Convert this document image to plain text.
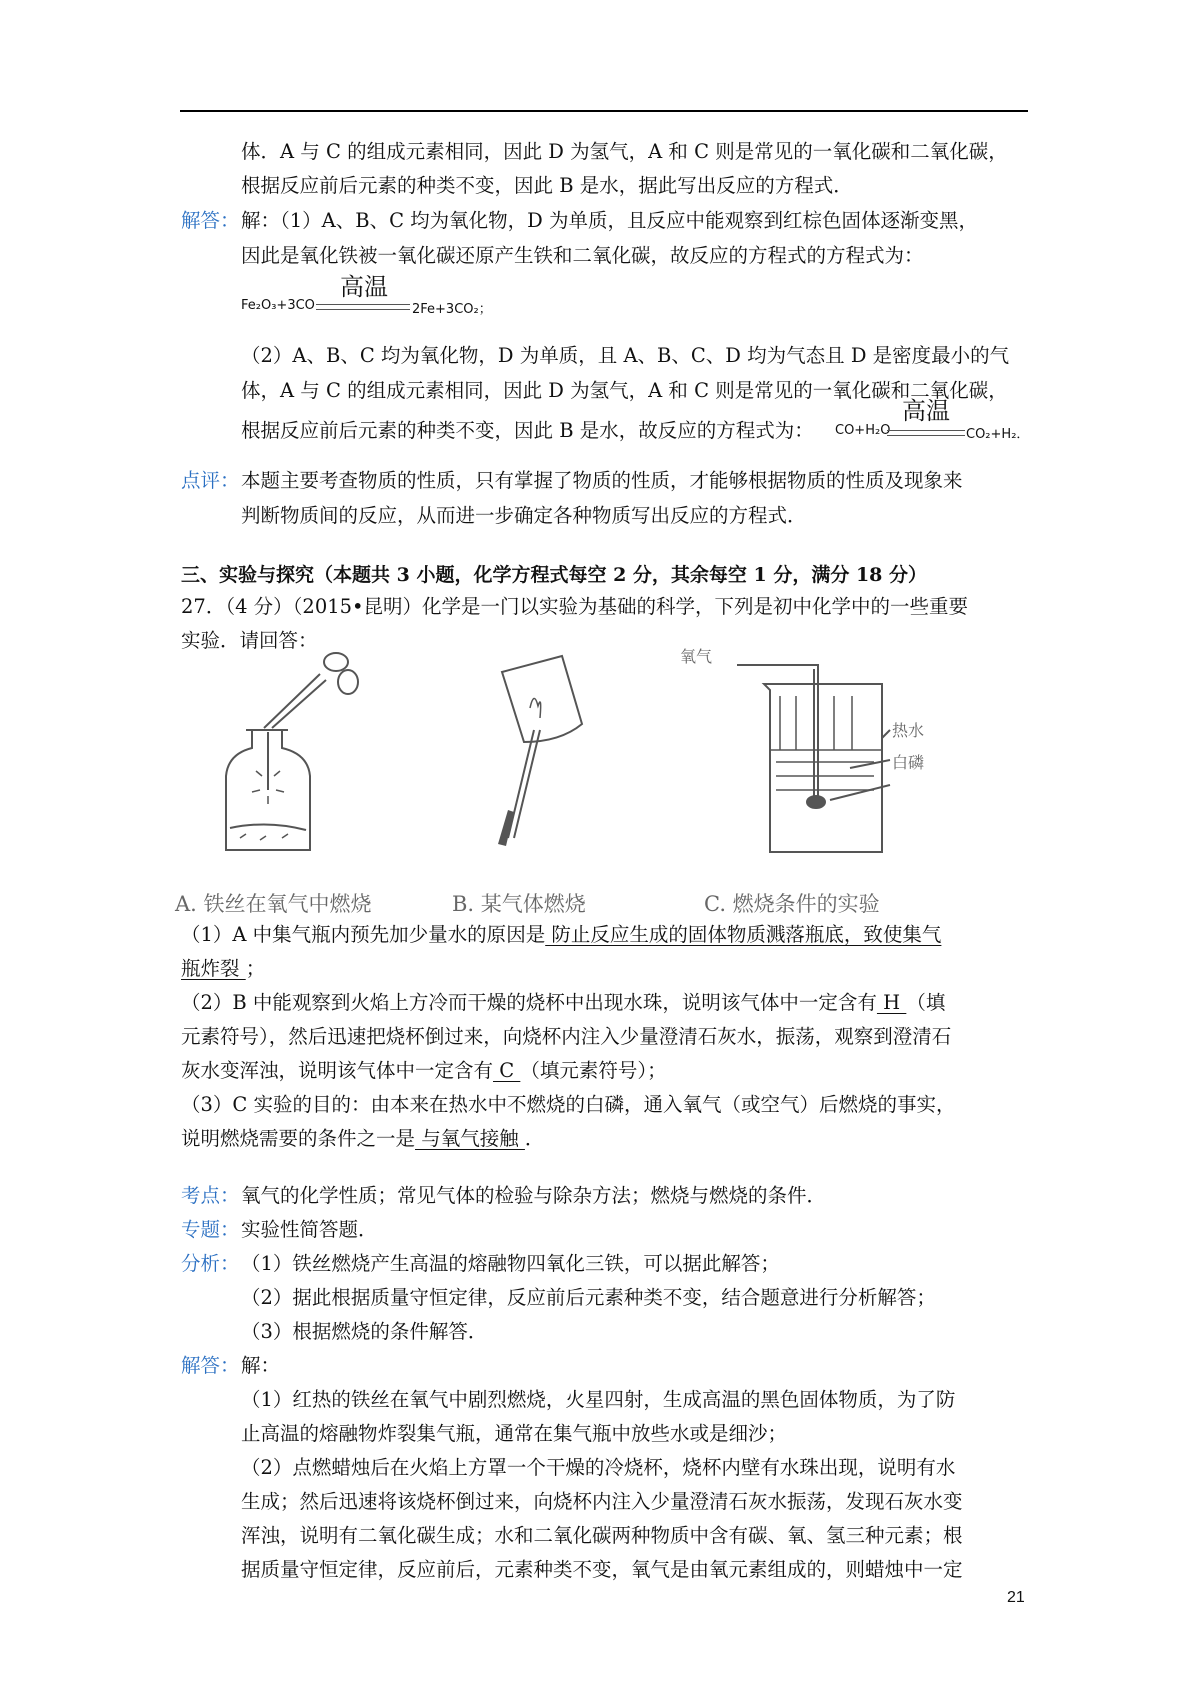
体．A 与 C 的组成元素相同，因此 D 为氢气，A 和 C 则是常见的一氧化碳和二氧化碳，
根据反应前后元素的种类不变，因此 B 是水，据此写出反应的方程式．
解答： 解：（1）A、B、C 均为氧化物，D 为单质，且反应中能观察到红棕色固体逐渐变黑，
因此是氧化铁被一氧化碳还原产生铁和二氧化碳，故反应的方程式的方程式为：
Fe₂O₃+3CO
高温
2Fe+3CO₂；
（2）A、B、C 均为氧化物，D 为单质，且 A、B、C、D 均为气态且 D 是密度最小的气
体，A 与 C 的组成元素相同，因此 D 为氢气，A 和 C 则是常见的一氧化碳和二氧化碳，
根据反应前后元素的种类不变，因此 B 是水，故反应的方程式为： CO+H₂O
高温
CO₂+H₂．
点评： 本题主要考查物质的性质，只有掌握了物质的性质，才能够根据物质的性质及现象来
判断物质间的反应，从而进一步确定各种物质写出反应的方程式．
三、实验与探究（本题共 3 小题，化学方程式每空 2 分，其余每空 1 分，满分 18 分）
27．（4 分）（2015•昆明）化学是一门以实验为基础的科学，下列是初中化学中的一些重要
实验．请回答：
氧气
热水
白磷
A. 铁丝在氧气中燃烧	B. 某气体燃烧	C. 燃烧条件的实验
（1）A 中集气瓶内预先加少量水的原因是 防止反应生成的固体物质溅落瓶底，致使集气
瓶炸裂 ；
（2）B 中能观察到火焰上方冷而干燥的烧杯中出现水珠，说明该气体中一定含有 H （填
元素符号），然后迅速把烧杯倒过来，向烧杯内注入少量澄清石灰水，振荡，观察到澄清石
灰水变浑浊，说明该气体中一定含有 C （填元素符号）；
（3）C 实验的目的：由本来在热水中不燃烧的白磷，通入氧气（或空气）后燃烧的事实，
说明燃烧需要的条件之一是 与氧气接触 ．
考点： 氧气的化学性质；常见气体的检验与除杂方法；燃烧与燃烧的条件．
专题： 实验性简答题．
分析： （1）铁丝燃烧产生高温的熔融物四氧化三铁，可以据此解答；
（2）据此根据质量守恒定律，反应前后元素种类不变，结合题意进行分析解答；
（3）根据燃烧的条件解答．
解答： 解：
（1）红热的铁丝在氧气中剧烈燃烧，火星四射，生成高温的黑色固体物质，为了防
止高温的熔融物炸裂集气瓶，通常在集气瓶中放些水或是细沙；
（2）点燃蜡烛后在火焰上方罩一个干燥的冷烧杯，烧杯内壁有水珠出现，说明有水
生成；然后迅速将该烧杯倒过来，向烧杯内注入少量澄清石灰水振荡，发现石灰水变
浑浊，说明有二氧化碳生成；水和二氧化碳两种物质中含有碳、氧、氢三种元素；根
据质量守恒定律，反应前后，元素种类不变，氧气是由氧元素组成的，则蜡烛中一定
21
